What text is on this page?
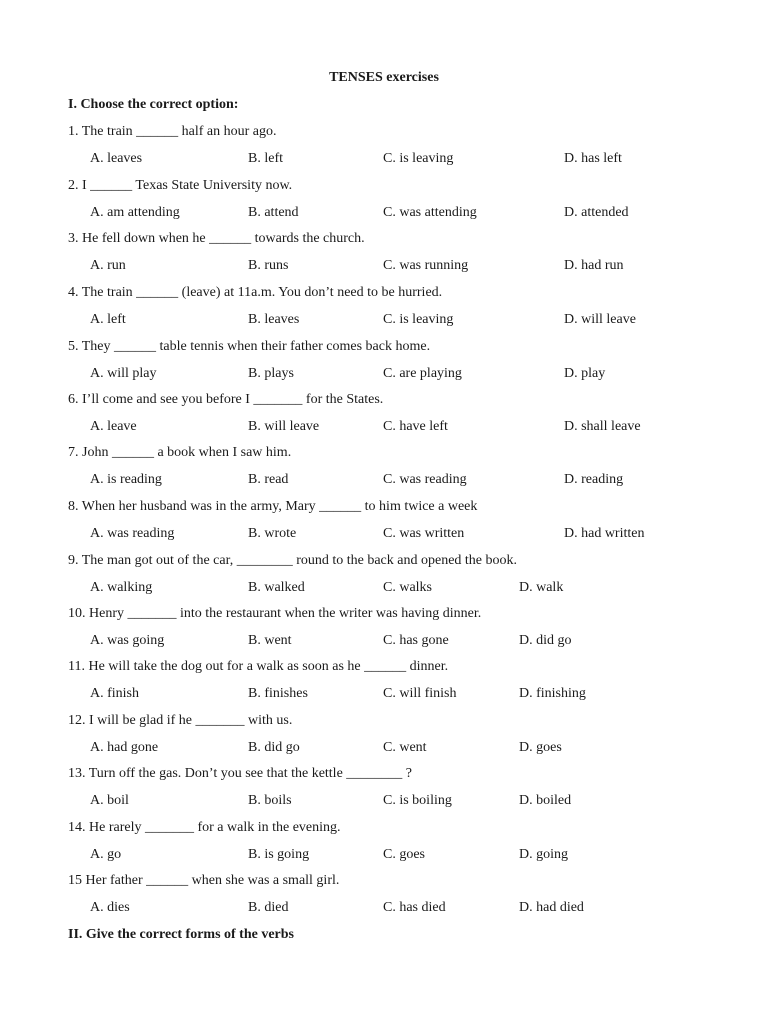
TENSES exercises
I. Choose the correct option:
1. The train ______ half an hour ago.
A. leaves	B. left	C. is leaving	D. has left
2. I ______ Texas State University now.
A. am attending	B. attend	C. was attending	D. attended
3. He fell down when he ______ towards the church.
A. run	B. runs	C. was running	D. had run
4. The train ______ (leave) at 11a.m. You don’t need to be hurried.
A. left	B. leaves	C. is leaving	D. will leave
5. They ______ table tennis when their father comes back home.
A. will play	B. plays	C. are playing	D. play
6. I’ll come and see you before I _______ for the States.
A. leave	B. will leave	C. have left	D. shall leave
7. John ______ a book when I saw him.
A. is reading	B. read	C. was reading	D. reading
8. When her husband was in the army, Mary ______ to him twice a week
A. was reading	B. wrote	C. was written	D. had written
9. The man got out of the car, ________ round to the back and opened the book.
A. walking	B. walked	C. walks	D. walk
10. Henry _______ into the restaurant when the writer was having dinner.
A. was going	B. went	C. has gone	D. did go
11. He will take the dog out for a walk as soon as he ______ dinner.
A. finish	B. finishes	C. will finish	D. finishing
12. I will be glad if he _______ with us.
A. had gone	B. did go	C. went	D. goes
13. Turn off the gas. Don’t you see that the kettle ________ ?
A. boil	B. boils	C. is boiling	D. boiled
14. He rarely _______ for a walk in the evening.
A. go	B. is going	C. goes	D. going
15 Her father ______ when she was a small girl.
A. dies	B. died	C. has died	D. had died
II. Give the correct forms of the verbs
